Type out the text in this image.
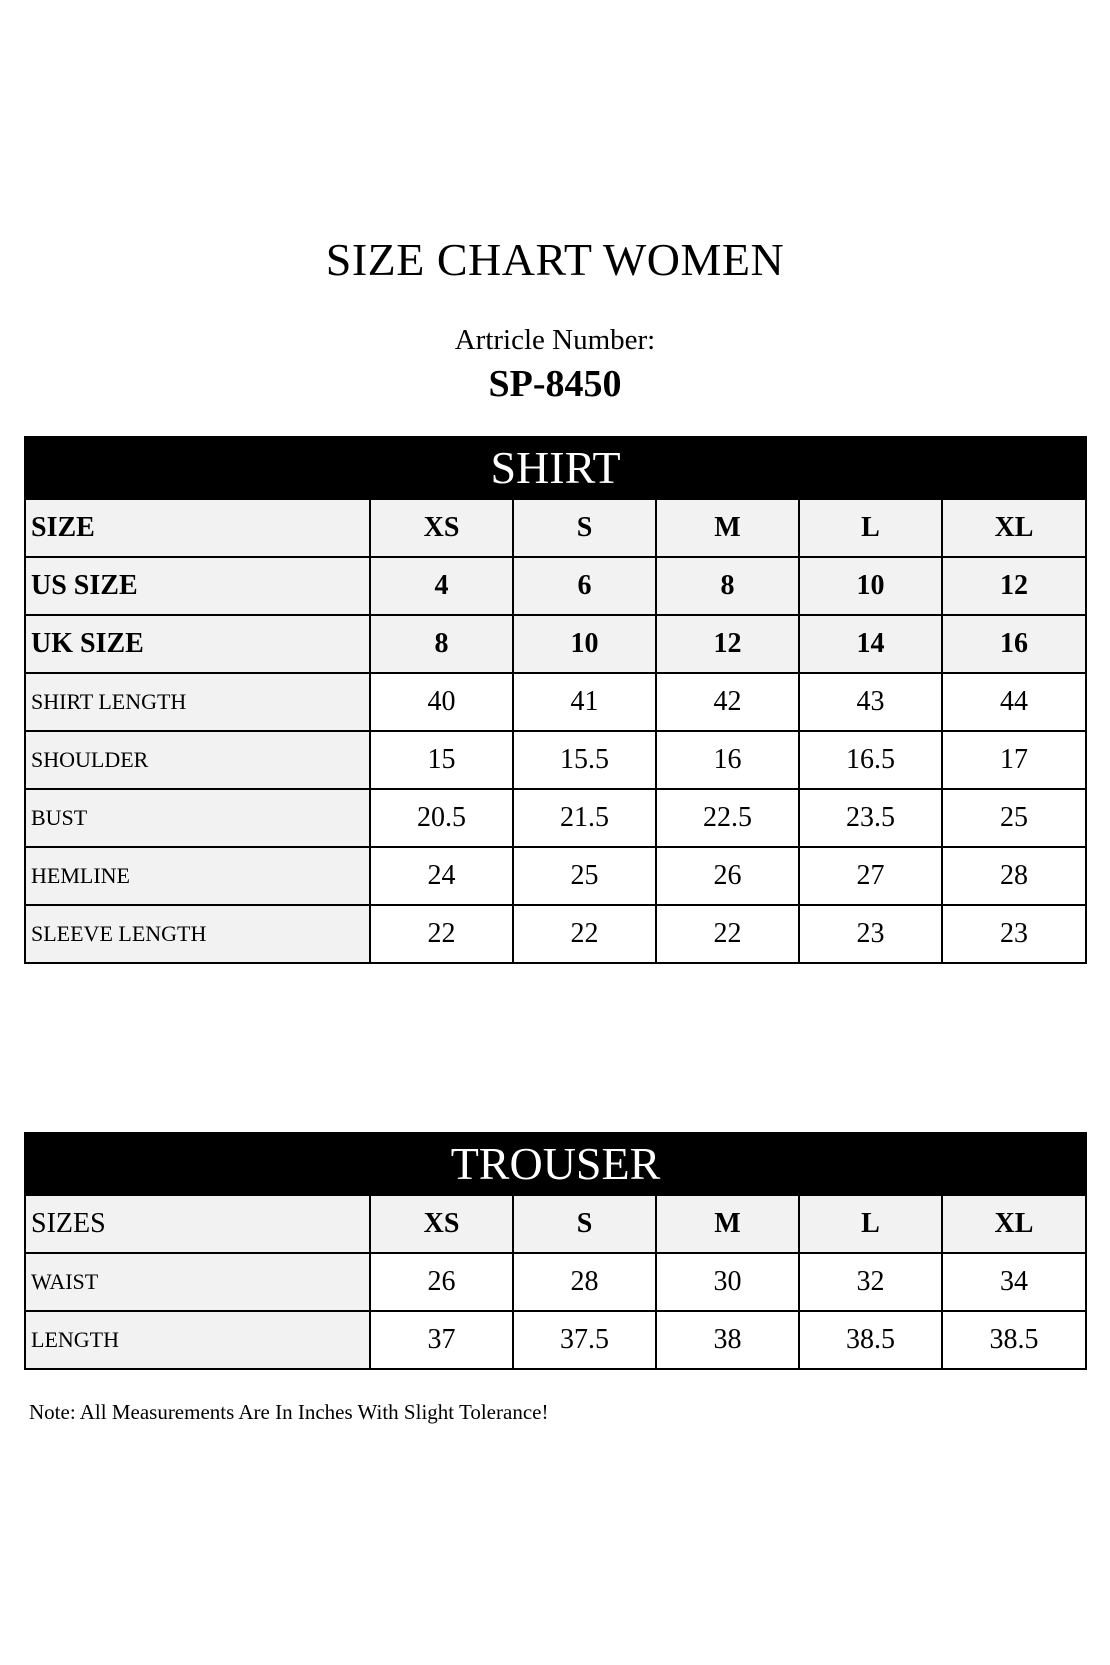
SIZE CHART WOMEN
Artricle Number:
SP-8450
SHIRT					
SIZE	XS	S	M	L	XL
US SIZE	4	6	8	10	12
UK SIZE	8	10	12	14	16
SHIRT LENGTH	40	41	42	43	44
SHOULDER	15	15.5	16	16.5	17
BUST	20.5	21.5	22.5	23.5	25
HEMLINE	24	25	26	27	28
SLEEVE LENGTH	22	22	22	23	23
TROUSER					
SIZES	XS	S	M	L	XL
WAIST	26	28	30	32	34
LENGTH	37	37.5	38	38.5	38.5
Note: All Measurements Are In Inches With Slight Tolerance!
